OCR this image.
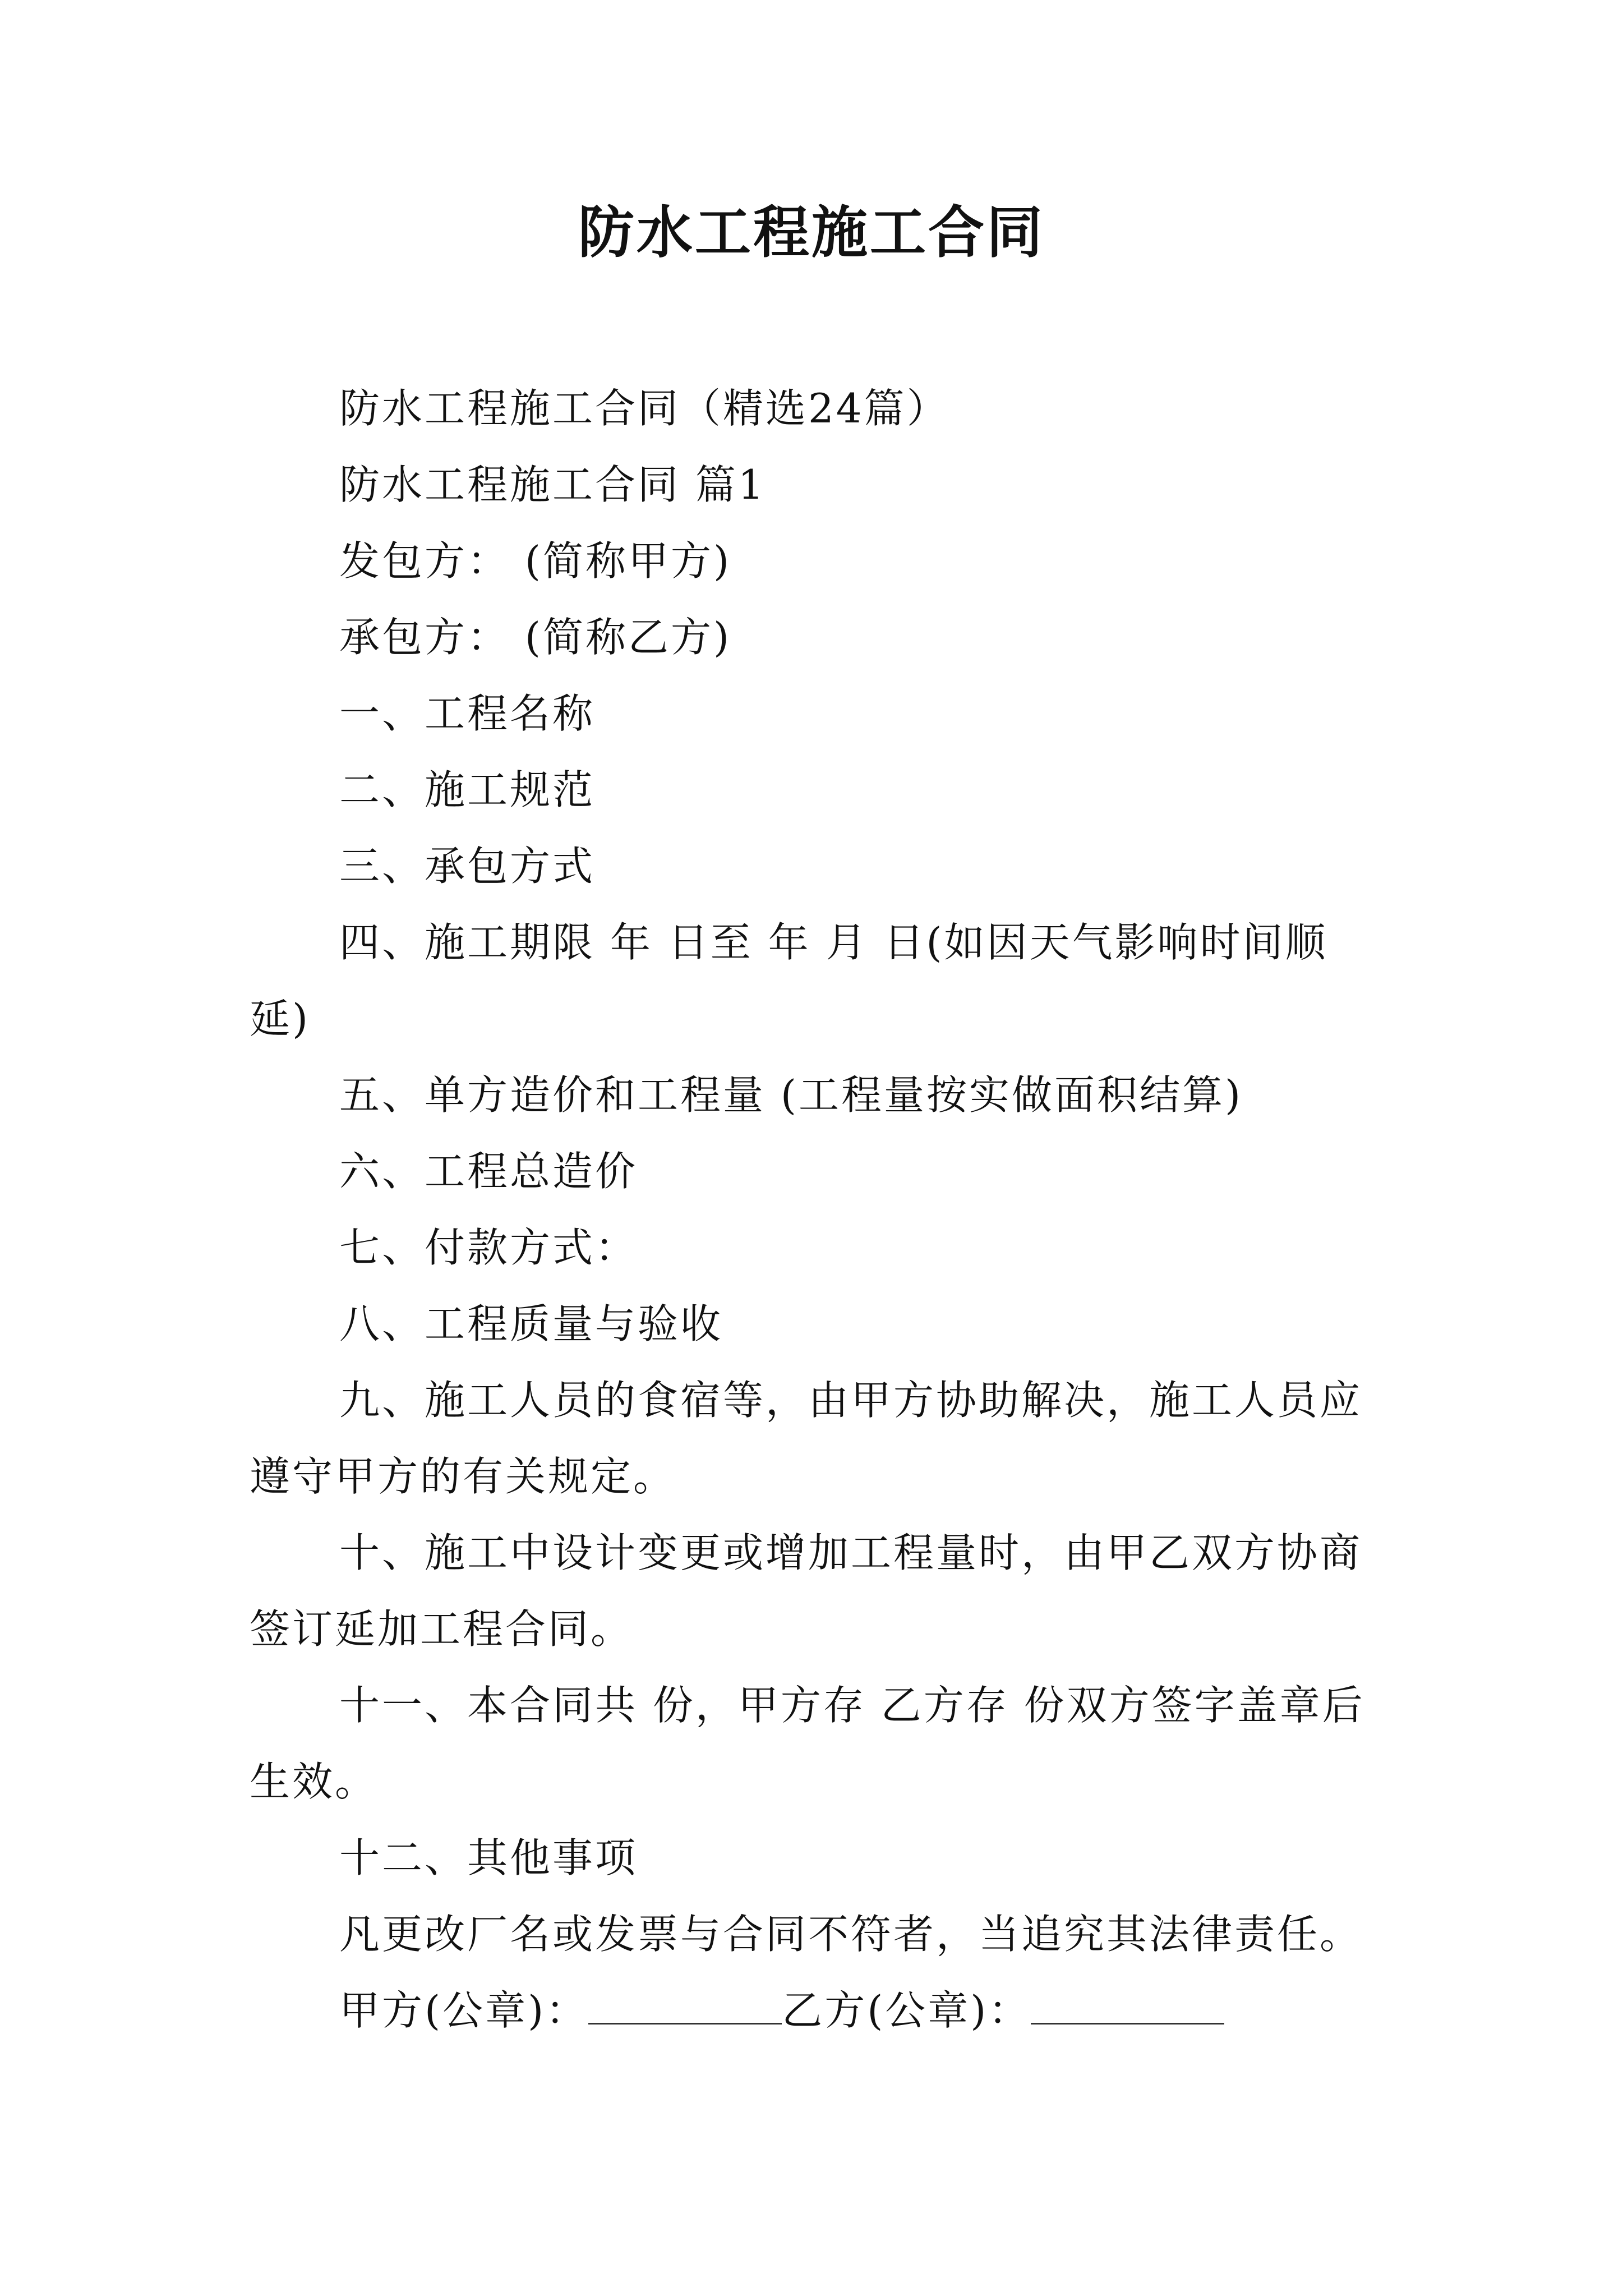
防水工程施工合同

防水工程施工合同（精选24篇）

防水工程施工合同 篇1

发包方： (简称甲方)

承包方： (简称乙方)

一、工程名称

二、施工规范

三、承包方式

四、施工期限 年 日至 年 月 日(如因天气影响时间顺延)

五、单方造价和工程量 (工程量按实做面积结算)

六、工程总造价

七、付款方式：

八、工程质量与验收

九、施工人员的食宿等，由甲方协助解决，施工人员应遵守甲方的有关规定。

十、施工中设计变更或增加工程量时，由甲乙双方协商签订延加工程合同。

十一、本合同共 份，甲方存 乙方存 份双方签字盖章后生效。

十二、其他事项

凡更改厂名或发票与合同不符者，当追究其法律责任。

甲方(公章)：	乙方(公章)：
